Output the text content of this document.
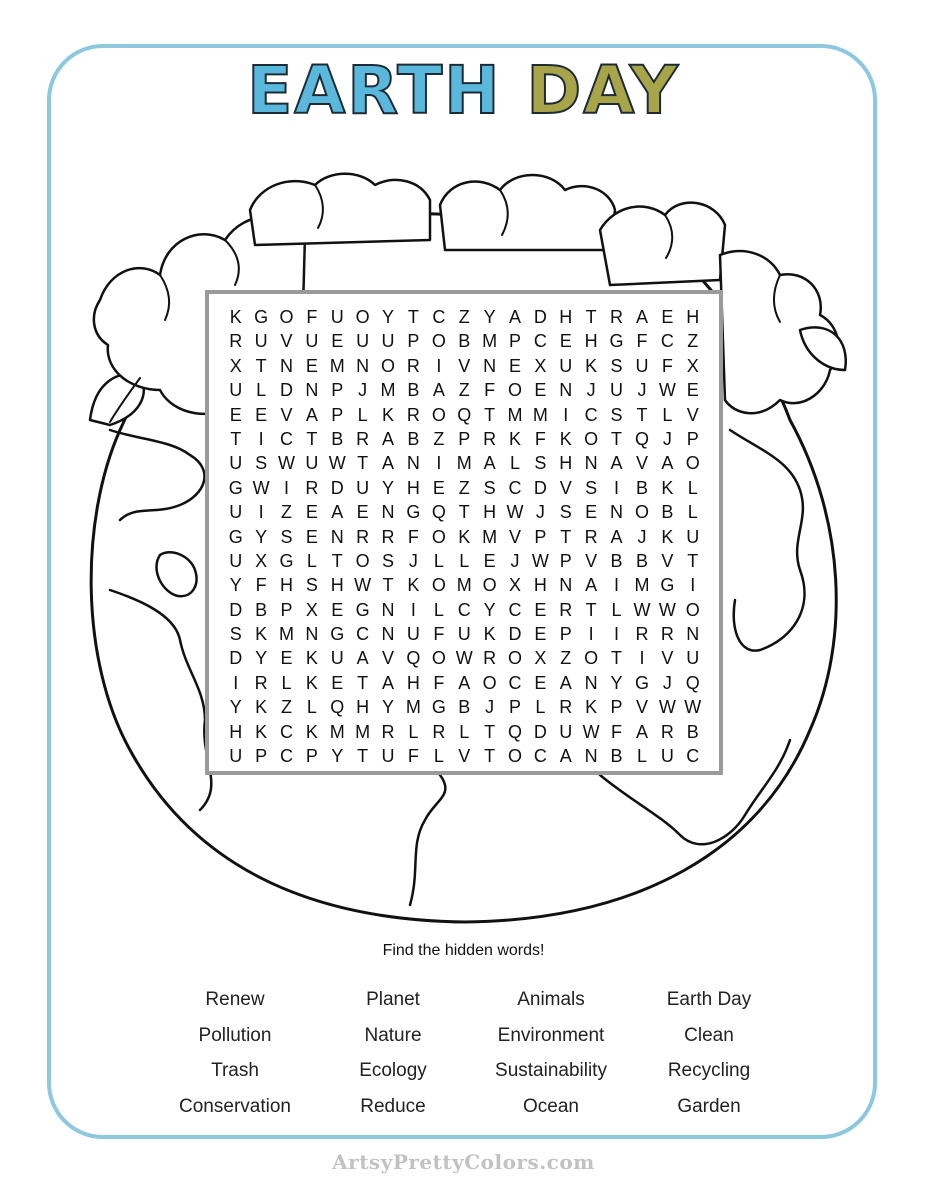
EARTH DAY
K G O F U O Y T C Z Y A D H T R A E H
R U V U E U U P O B M P C E H G F C Z
X T N E M N O R I V N E X U K S U F X
U L D N P J M B A Z F O E N J U J W E
E E V A P L K R O Q T M M I C S T L V
T I C T B R A B Z P R K F K O T Q J P
U S W U W T A N I M A L S H N A V A O
G W I R D U Y H E Z S C D V S I B K L
U I Z E A E N G Q T H W J S E N O B L
G Y S E N R R F O K M V P T R A J K U
U X G L T O S J L L E J W P V B B V T
Y F H S H W T K O M O X H N A I M G I
D B P X E G N I L C Y C E R T L W W O
S K M N G C N U F U K D E P I	I R R N
D Y E K U A V Q O W R O X Z O T I V U
I R L K E T A H F A O C E A N Y G J Q
Y K Z L Q H Y M G B J P L R K P V W W
H K C K M M R L R L T Q D U W F A R B
U P C P Y T U F L V T O C A N B L U C
Find the hidden words!
Renew	Planet	Animals	Earth Day
Pollution	Nature	Environment	Clean
Trash	Ecology	Sustainability	Recycling
Conservation	Reduce	Ocean	Garden
ArtsyPrettyColors.com
